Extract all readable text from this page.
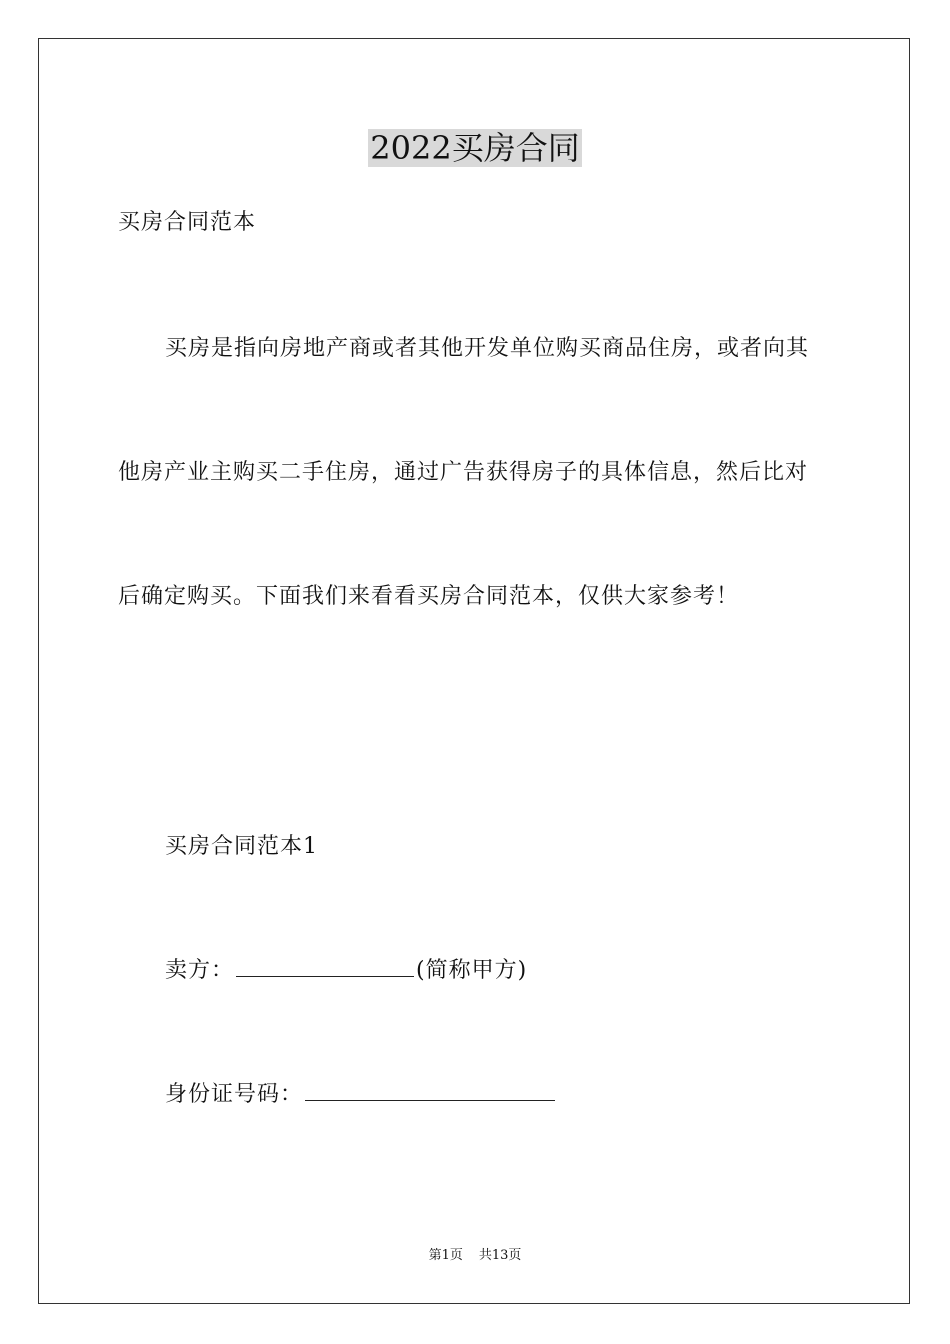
2022买房合同
买房合同范本
买房是指向房地产商或者其他开发单位购买商品住房，或者向其
他房产业主购买二手住房，通过广告获得房子的具体信息，然后比对
后确定购买。下面我们来看看买房合同范本，仅供大家参考！
买房合同范本1
卖方：	(简称甲方)
身份证号码：
第1页 共13页
